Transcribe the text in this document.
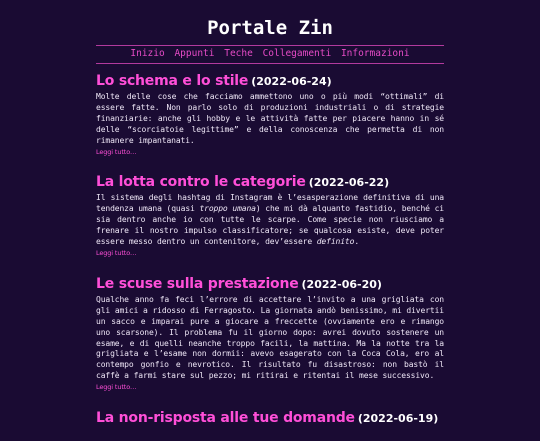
Portale Zin
Inizio Appunti Teche Collegamenti Informazioni
Lo schema e lo stile (2022-06-24)

Molte delle cose che facciamo ammettono uno o più modi “ottimali” di essere fatte. Non parlo solo di produzioni industriali o di strategie finanziarie: anche gli hobby e le attività fatte per piacere hanno in sé delle “scorciatoie legittime” e della conoscenza che permetta di non rimanere impantanati.
Leggi tutto…

La lotta contro le categorie (2022-06-22)

Il sistema degli hashtag di Instagram è l’esasperazione definitiva di una tendenza umana (quasi troppo umana) che mi dà alquanto fastidio, benché ci sia dentro anche io con tutte le scarpe. Come specie non riusciamo a frenare il nostro impulso classificatore; se qualcosa esiste, deve poter essere messo dentro un contenitore, dev’essere definito.
Leggi tutto…

Le scuse sulla prestazione (2022-06-20)

Qualche anno fa feci l’errore di accettare l’invito a una grigliata con gli amici a ridosso di Ferragosto. La giornata andò benissimo, mi divertii un sacco e imparai pure a giocare a freccette (ovviamente ero e rimango uno scarsone). Il problema fu il giorno dopo: avrei dovuto sostenere un esame, e di quelli neanche troppo facili, la mattina. Ma la notte tra la grigliata e l’esame non dormii: avevo esagerato con la Coca Cola, ero al contempo gonfio e nevrotico. Il risultato fu disastroso: non bastò il caffè a farmi stare sul pezzo; mi ritirai e ritentai il mese successivo.
Leggi tutto…

La non-risposta alle tue domande (2022-06-19)
